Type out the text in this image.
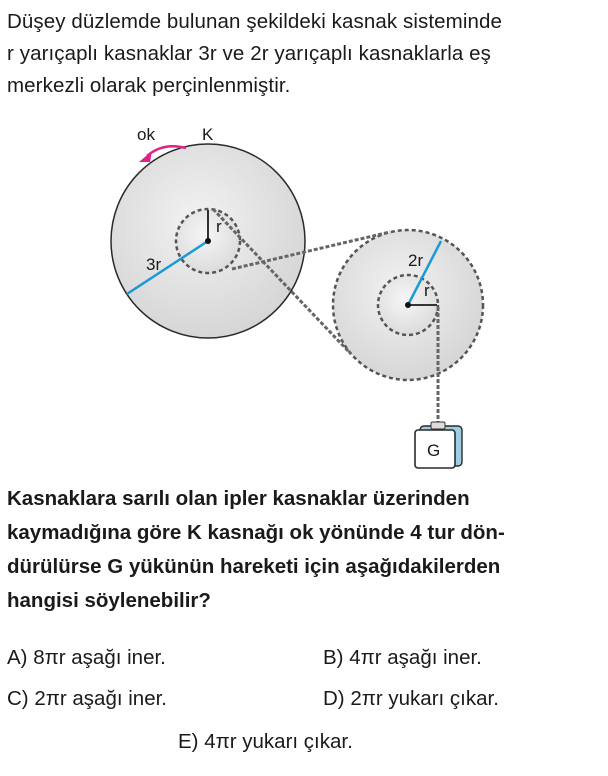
Düşey düzlemde bulunan şekildeki kasnak sisteminde
r yarıçaplı kasnaklar 3r ve 2r yarıçaplı kasnaklarla eş
merkezli olarak perçinlenmiştir.
ok	K
r
3r	2r
r
G
Kasnaklara sarılı olan ipler kasnaklar üzerinden
kaymadığına göre K kasnağı ok yönünde 4 tur dön-
dürülürse G yükünün hareketi için aşağıdakilerden
hangisi söylenebilir?
A) 8πr aşağı iner.	B) 4πr aşağı iner.
C) 2πr aşağı iner.	D) 2πr yukarı çıkar.
E) 4πr yukarı çıkar.
